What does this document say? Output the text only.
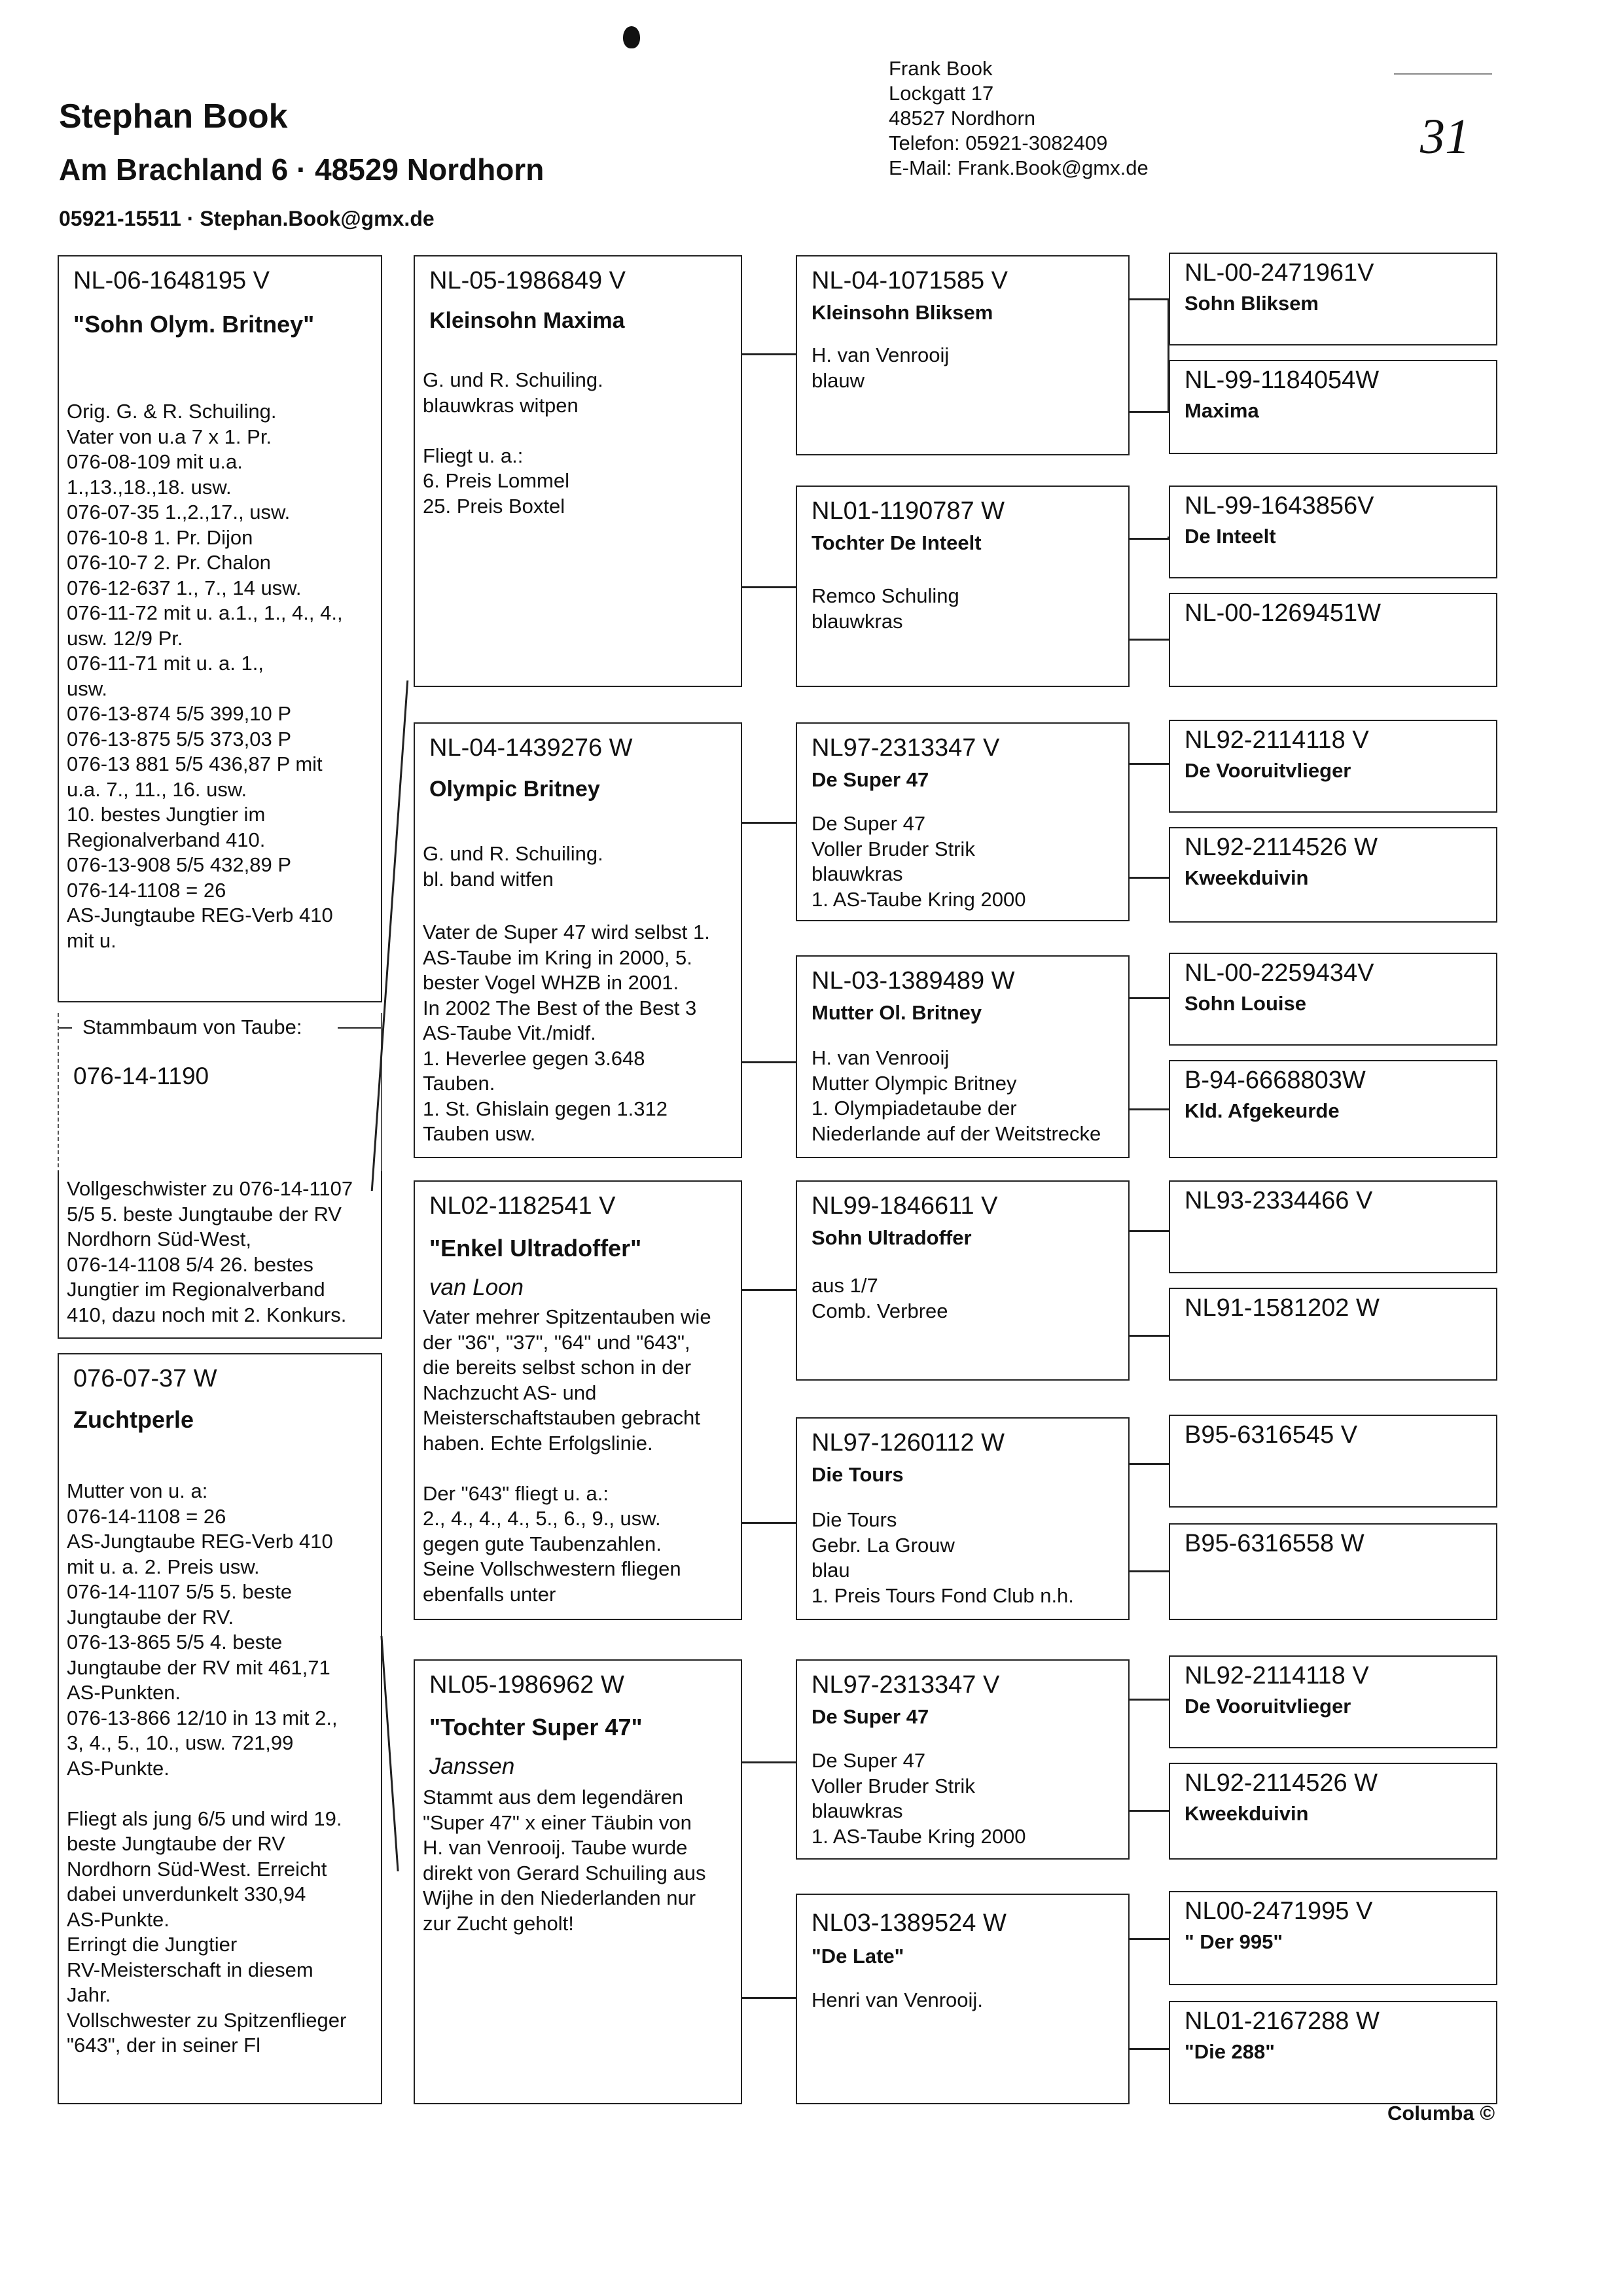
Stephan Book
Am Brachland 6 · 48529 Nordhorn
05921-15511 · Stephan.Book@gmx.de
Frank Book
Lockgatt 17
48527 Nordhorn
Telefon: 05921-3082409
E-Mail: Frank.Book@gmx.de
31
NL-06-1648195 V
"Sohn Olym. Britney"
Orig. G. & R. Schuiling.
Vater von u.a 7 x 1. Pr.
076-08-109 mit u.a.
1.,13.,18.,18. usw.
076-07-35 1.,2.,17., usw.
076-10-8 1. Pr. Dijon
076-10-7 2. Pr. Chalon
076-12-637 1., 7., 14 usw.
076-11-72 mit u. a.1., 1., 4., 4.,
usw. 12/9 Pr.
076-11-71 mit u. a. 1.,
usw.
076-13-874 5/5 399,10 P
076-13-875 5/5 373,03 P
076-13 881 5/5 436,87 P mit
u.a. 7., 11., 16. usw.
10. bestes Jungtier im
Regionalverband 410.
076-13-908 5/5 432,89 P
076-14-1108 = 26
AS-Jungtaube REG-Verb 410
mit u.
Stammbaum von Taube:
076-14-1190
Vollgeschwister zu 076-14-1107
5/5 5. beste Jungtaube der RV
Nordhorn Süd-West,
076-14-1108 5/4 26. bestes
Jungtier im Regionalverband
410, dazu noch mit 2. Konkurs.
076-07-37 W
Zuchtperle
Mutter von u. a:
076-14-1108 = 26
AS-Jungtaube REG-Verb 410
mit u. a. 2. Preis usw.
076-14-1107 5/5 5. beste
Jungtaube der RV.
076-13-865 5/5 4. beste
Jungtaube der RV mit 461,71
AS-Punkten.
076-13-866 12/10 in 13 mit 2.,
3, 4., 5., 10., usw. 721,99
AS-Punkte.

Fliegt als jung 6/5 und wird 19.
beste Jungtaube der RV
Nordhorn Süd-West. Erreicht
dabei unverdunkelt 330,94
AS-Punkte.
Erringt die Jungtier
RV-Meisterschaft in diesem
Jahr.
Vollschwester zu Spitzenflieger
"643", der in seiner Fl
NL-05-1986849 V
Kleinsohn Maxima
G. und R. Schuiling.
blauwkras witpen

Fliegt u. a.:
6. Preis Lommel
25. Preis Boxtel
NL-04-1439276 W
Olympic Britney
G. und R. Schuiling.
bl. band witfen
Vater de Super 47 wird selbst 1.
AS-Taube im Kring in 2000, 5.
bester Vogel WHZB in 2001.
In 2002 The Best of the Best 3
AS-Taube Vit./midf.
1. Heverlee gegen 3.648
Tauben.
1. St. Ghislain gegen 1.312
Tauben usw.
NL02-1182541 V
"Enkel Ultradoffer"
van Loon
Vater mehrer Spitzentauben wie
der "36", "37", "64" und "643",
die bereits selbst schon in der
Nachzucht AS- und
Meisterschaftstauben gebracht
haben. Echte Erfolgslinie.

Der "643" fliegt u. a.:
2., 4., 4., 4., 5., 6., 9., usw.
gegen gute Taubenzahlen.
Seine Vollschwestern fliegen
ebenfalls unter
NL05-1986962 W
"Tochter Super 47"
Janssen
Stammt aus dem legendären
"Super 47" x einer Täubin von
H. van Venrooij. Taube wurde
direkt von Gerard Schuiling aus
Wijhe in den Niederlanden nur
zur Zucht geholt!
NL-04-1071585 V
Kleinsohn Bliksem
H. van Venrooij
blauw
NL01-1190787 W
Tochter De Inteelt
Remco Schuling
blauwkras
NL97-2313347 V
De Super 47
De Super 47
Voller Bruder Strik
blauwkras
1. AS-Taube Kring 2000
NL-03-1389489 W
Mutter Ol. Britney
H. van Venrooij
Mutter Olympic Britney
1. Olympiadetaube der
Niederlande auf der Weitstrecke
NL99-1846611 V
Sohn Ultradoffer
aus 1/7
Comb. Verbree
NL97-1260112 W
Die Tours
Die Tours
Gebr. La Grouw
blau
1. Preis Tours Fond Club n.h.
NL97-2313347 V
De Super 47
De Super 47
Voller Bruder Strik
blauwkras
1. AS-Taube Kring 2000
NL03-1389524 W
"De Late"
Henri van Venrooij.
NL-00-2471961V
Sohn Bliksem
NL-99-1184054W
Maxima
NL-99-1643856V
De Inteelt
NL-00-1269451W
NL92-2114118 V
De Vooruitvlieger
NL92-2114526 W
Kweekduivin
NL-00-2259434V
Sohn Louise
B-94-6668803W
Kld. Afgekeurde
NL93-2334466 V
NL91-1581202 W
B95-6316545 V
B95-6316558 W
NL92-2114118 V
De Vooruitvlieger
NL92-2114526 W
Kweekduivin
NL00-2471995 V
" Der 995"
NL01-2167288 W
"Die 288"
Columba ©
